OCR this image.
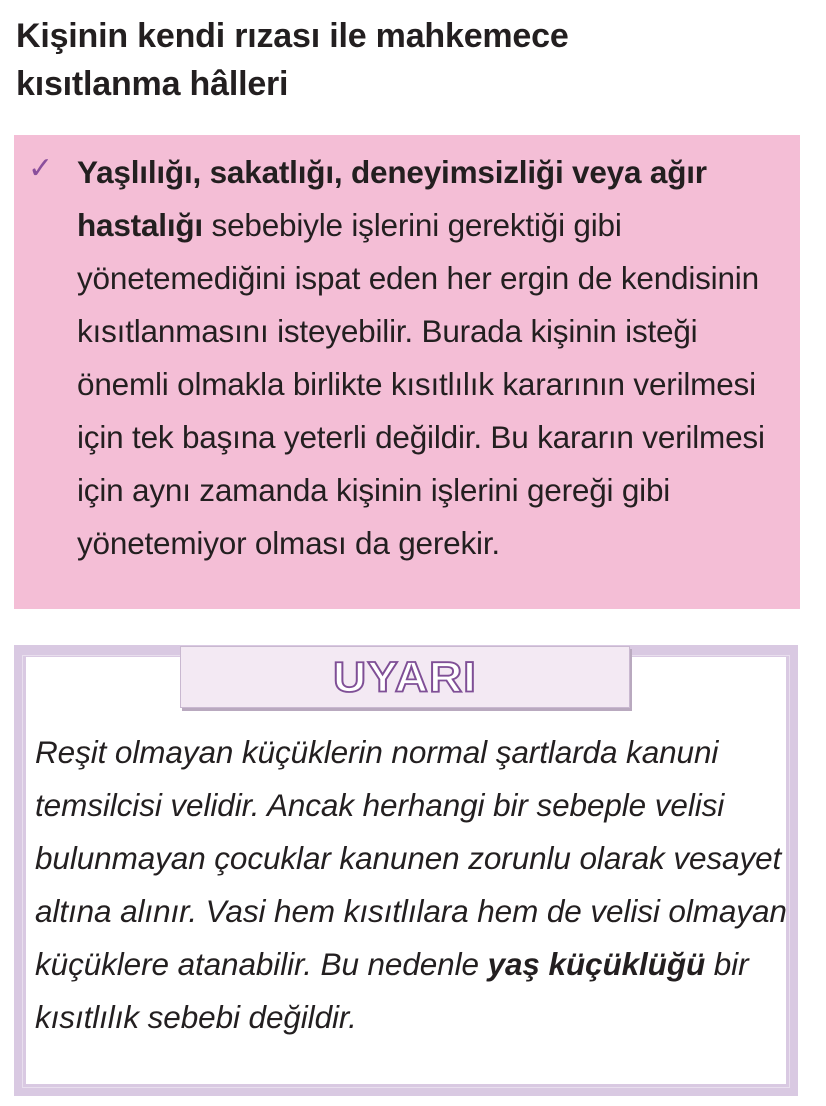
Kişinin kendi rızası ile mahkemece
kısıtlanma hâlleri
✓ Yaşlılığı, sakatlığı, deneyimsizliği veya ağır hastalığı sebebiyle işlerini gerektiği gibi yönetemediğini ispat eden her ergin de kendisinin kısıtlanmasını isteyebilir. Burada kişinin isteği önemli olmakla birlikte kısıtlılık kararının verilmesi için tek başına yeterli değildir. Bu kararın verilmesi için aynı zamanda kişinin işlerini gereği gibi yönetemiyor olması da gerekir.
UYARI
Reşit olmayan küçüklerin normal şartlarda kanuni temsilcisi velidir. Ancak herhangi bir sebeple velisi bulunmayan çocuklar kanunen zorunlu olarak vesayet altına alınır. Vasi hem kısıtlılara hem de velisi olmayan küçüklere atanabilir. Bu nedenle yaş küçüklüğü bir kısıtlılık sebebi değildir.
